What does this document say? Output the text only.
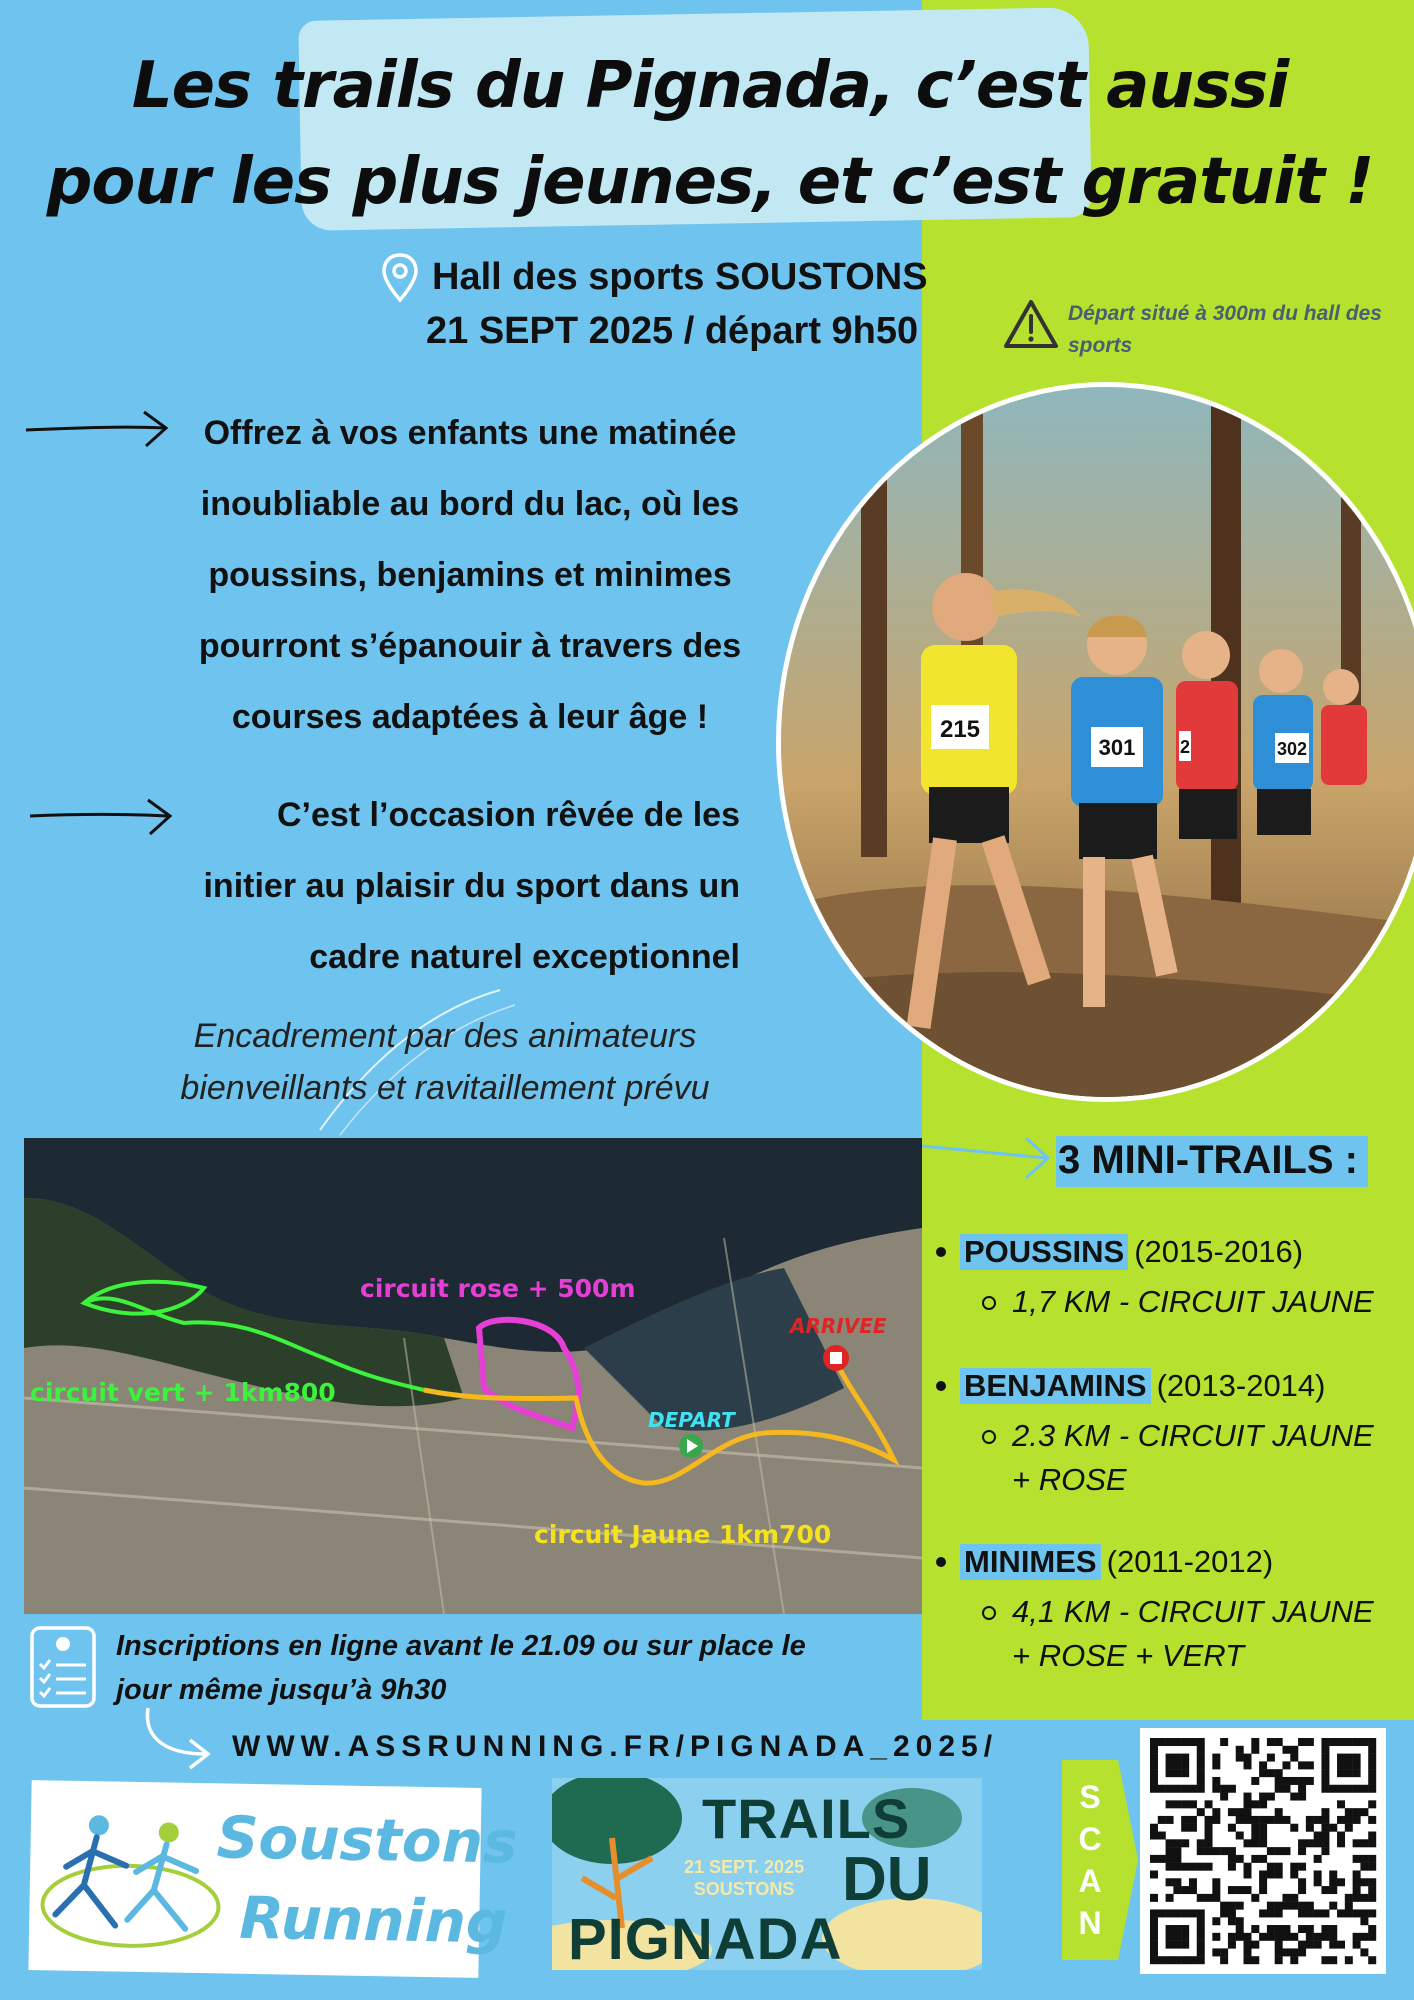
Les trails du Pignada, c’est aussi
pour les plus jeunes, et c’est gratuit !
Hall des sports SOUSTONS
21 SEPT 2025 / départ 9h50	Départ situé à 300m du hall des sports

Offrez à vos enfants une matinée
inoubliable au bord du lac, où les
poussins, benjamins et minimes
pourront s’épanouir à travers des
courses adaptées à leur âge !

C’est l’occasion rêvée de les
initier au plaisir du sport dans un
cadre naturel exceptionnel

Encadrement par des animateurs
bienveillants et ravitaillement prévu
215
301 2	302
circuit rose + 500m
circuit vert + 1km800
circuit Jaune 1km700
DEPART
ARRIVEE
3 MINI-TRAILS :
POUSSINS (2015-2016)
1,7 KM - CIRCUIT JAUNE
BENJAMINS (2013-2014)
2.3 KM - CIRCUIT JAUNE + ROSE
MINIMES (2011-2012)
4,1 KM - CIRCUIT JAUNE + ROSE + VERT
Inscriptions en ligne avant le 21.09 ou sur place le
jour même jusqu’à 9h30
WWW.ASSRUNNING.FR/PIGNADA_2025/
Soustons
Running
TRAILS
21 SEPT. 2025
SOUSTONS DU
PIGNADA
S
C
A
N
